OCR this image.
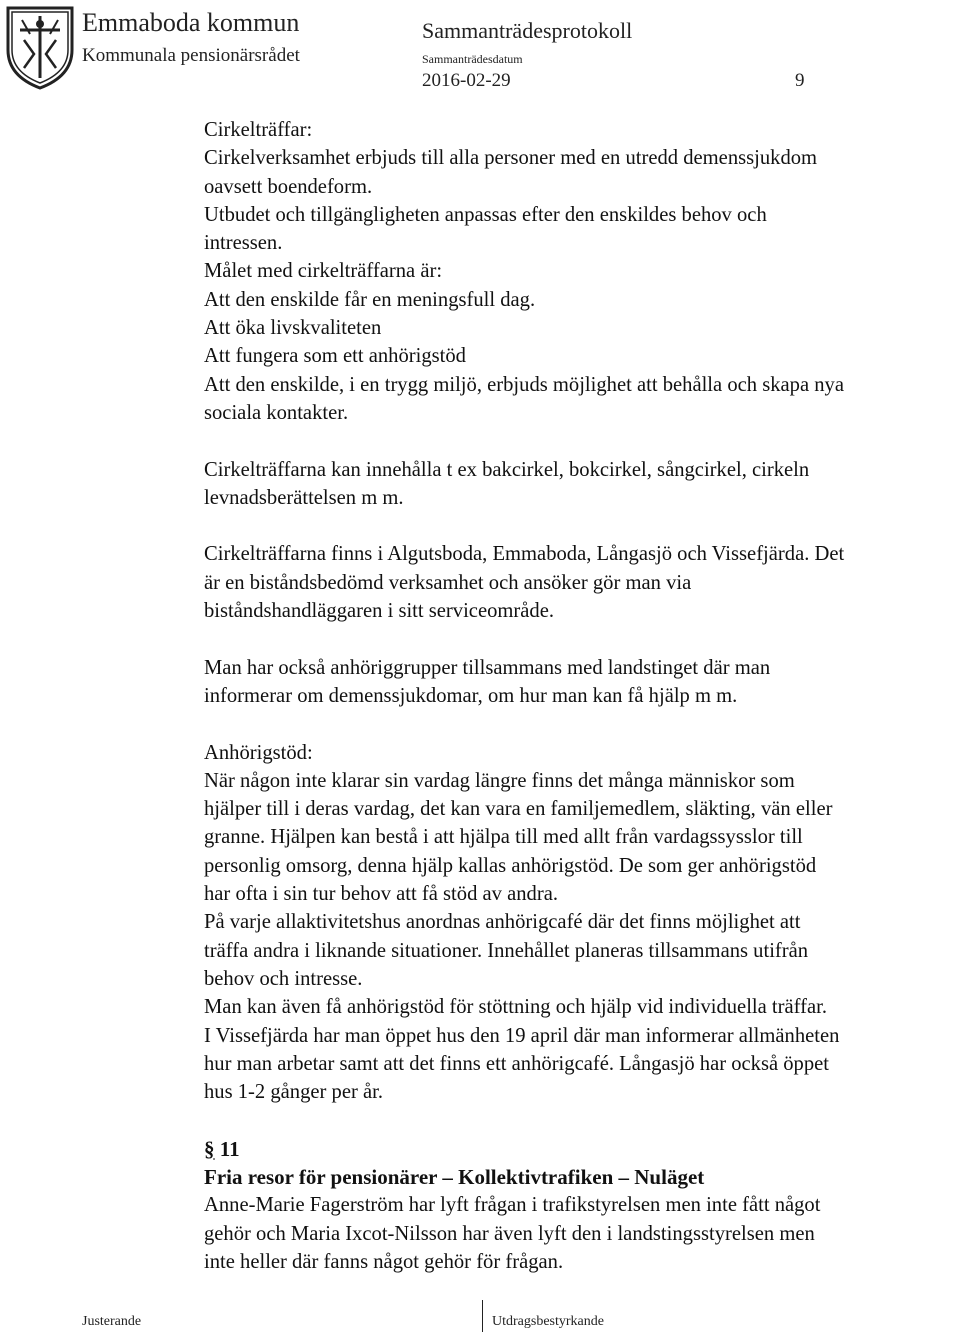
Emmaboda kommun
Kommunala pensionärsrådet
Sammanträdesprotokoll
Sammanträdesdatum
2016-02-29	9

Cirkelträffar:

Cirkelverksamhet erbjuds till alla personer med en utredd demenssjukdom

oavsett boendeform.

Utbudet och tillgängligheten anpassas efter den enskildes behov och

intressen.

Målet med cirkelträffarna är:

Att den enskilde får en meningsfull dag.

Att öka livskvaliteten

Att fungera som ett anhörigstöd

Att den enskilde, i en trygg miljö, erbjuds möjlighet att behålla och skapa nya

sociala kontakter.

Cirkelträffarna kan innehålla t ex bakcirkel, bokcirkel, sångcirkel, cirkeln

levnadsberättelsen m m.

Cirkelträffarna finns i Algutsboda, Emmaboda, Långasjö och Vissefjärda. Det

är en biståndsbedömd verksamhet och ansöker gör man via

biståndshandläggaren i sitt serviceområde.

Man har också anhöriggrupper tillsammans med landstinget där man

informerar om demenssjukdomar, om hur man kan få hjälp m m.

Anhörigstöd:

När någon inte klarar sin vardag längre finns det många människor som

hjälper till i deras vardag, det kan vara en familjemedlem, släkting, vän eller

granne. Hjälpen kan bestå i att hjälpa till med allt från vardagssysslor till

personlig omsorg, denna hjälp kallas anhörigstöd. De som ger anhörigstöd

har ofta i sin tur behov att få stöd av andra.

På varje allaktivitetshus anordnas anhörigcafé där det finns möjlighet att

träffa andra i liknande situationer. Innehållet planeras tillsammans utifrån

behov och intresse.

Man kan även få anhörigstöd för stöttning och hjälp vid individuella träffar.

I Vissefjärda har man öppet hus den 19 april där man informerar allmänheten

hur man arbetar samt att det finns ett anhörigcafé. Långasjö har också öppet

hus 1-2 gånger per år.

§ 11

Fria resor för pensionärer – Kollektivtrafiken – Nuläget

Anne-Marie Fagerström har lyft frågan i trafikstyrelsen men inte fått något

gehör och Maria Ixcot-Nilsson har även lyft den i landstingsstyrelsen men

inte heller där fanns något gehör för frågan.

Justerande	Utdragsbestyrkande
